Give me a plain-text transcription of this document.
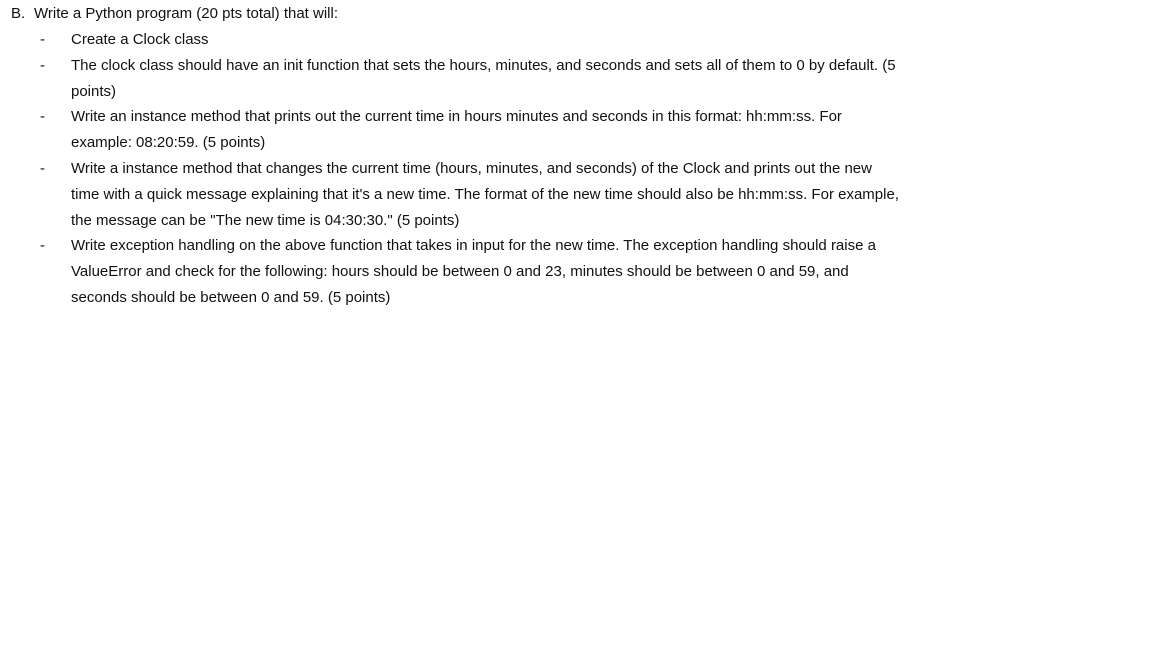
B. Write a Python program (20 pts total) that will:
- Create a Clock class
- The clock class should have an init function that sets the hours, minutes, and seconds and sets all of them to 0 by default. (5 points)
- Write an instance method that prints out the current time in hours minutes and seconds in this format: hh:mm:ss. For example: 08:20:59. (5 points)
- Write a instance method that changes the current time (hours, minutes, and seconds) of the Clock and prints out the new time with a quick message explaining that it's a new time. The format of the new time should also be hh:mm:ss. For example, the message can be "The new time is 04:30:30." (5 points)
- Write exception handling on the above function that takes in input for the new time. The exception handling should raise a ValueError and check for the following: hours should be between 0 and 23, minutes should be between 0 and 59, and seconds should be between 0 and 59. (5 points)
